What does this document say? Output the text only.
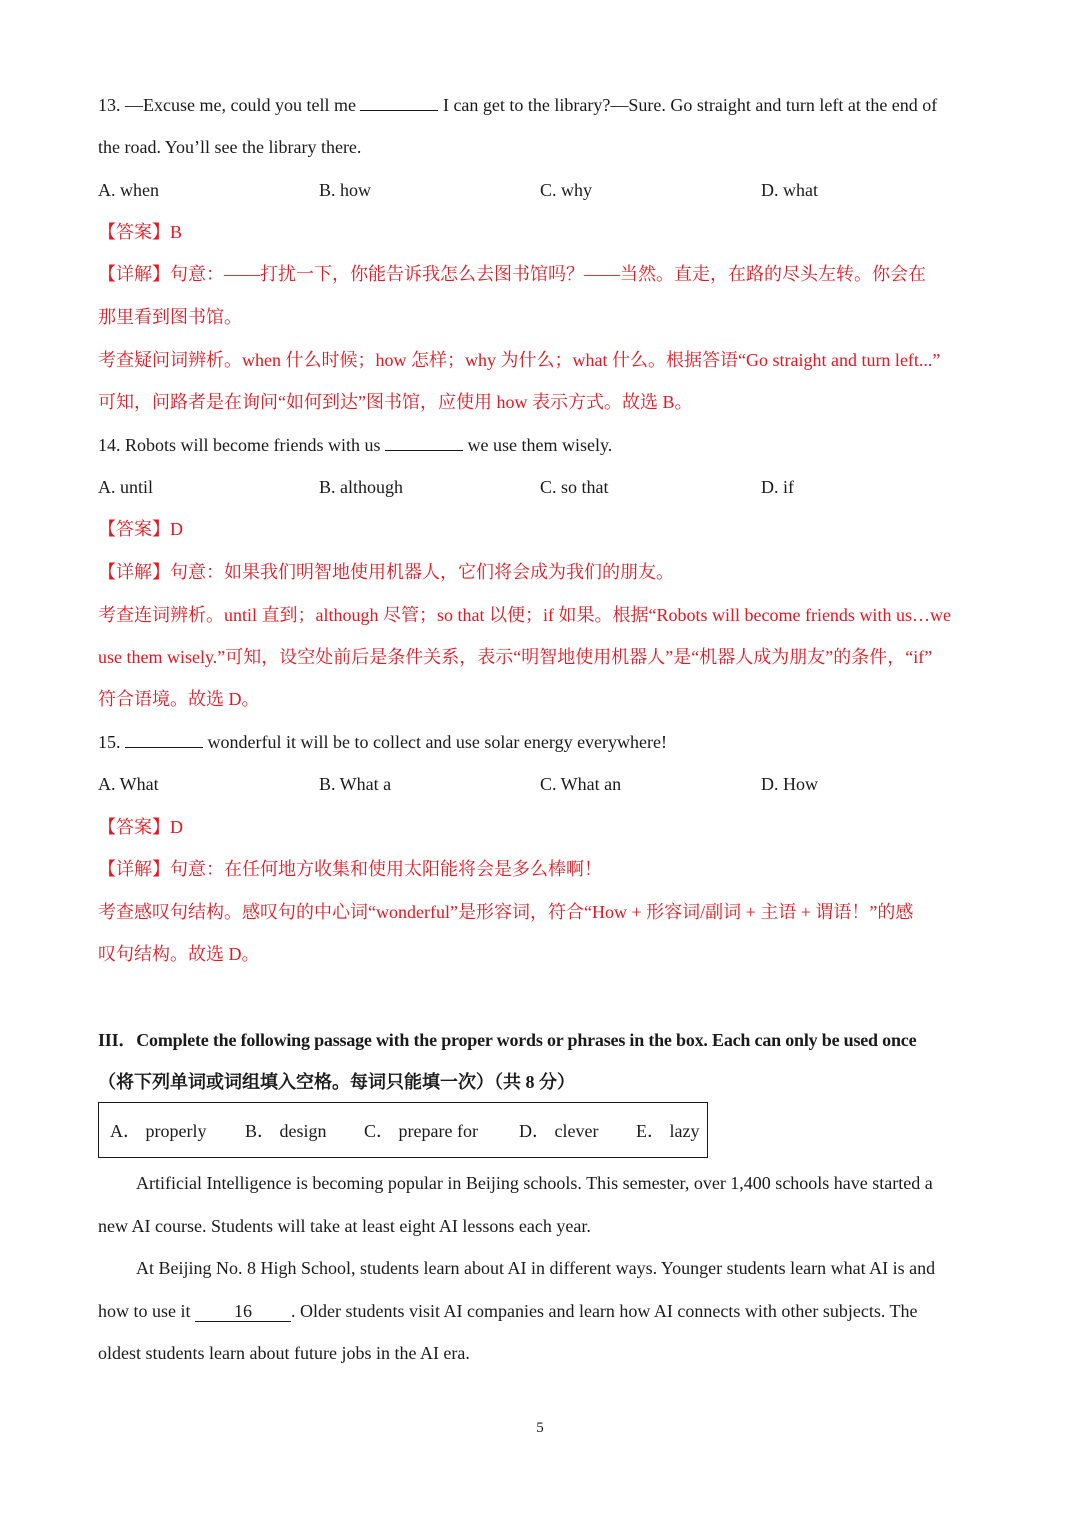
13. —Excuse me, could you tell me	I can get to the library?—Sure. Go straight and turn left at the end of
the road. You’ll see the library there.
A. when	B. how	C. why	D. what
【答案】B
【详解】句意：——打扰一下，你能告诉我怎么去图书馆吗？——当然。直走，在路的尽头左转。你会在
那里看到图书馆。
考查疑问词辨析。when 什么时候；how 怎样；why 为什么；what 什么。根据答语“Go straight and turn left...”
可知，问路者是在询问“如何到达”图书馆，应使用 how 表示方式。故选 B。
14. Robots will become friends with us	we use them wisely.
A. until	B. although	C. so that	D. if
【答案】D
【详解】句意：如果我们明智地使用机器人，它们将会成为我们的朋友。
考查连词辨析。until 直到；although 尽管；so that 以便；if 如果。根据“Robots will become friends with us…we
use them wisely.”可知，设空处前后是条件关系，表示“明智地使用机器人”是“机器人成为朋友”的条件，“if”
符合语境。故选 D。
15.	wonderful it will be to collect and use solar energy everywhere!
A. What	B. What a	C. What an	D. How
【答案】D
【详解】句意：在任何地方收集和使用太阳能将会是多么棒啊！
考查感叹句结构。感叹句的中心词“wonderful”是形容词，符合“How + 形容词/副词 + 主语 + 谓语！”的感
叹句结构。故选 D。
III．Complete the following passage with the proper words or phrases in the box. Each can only be used once
（将下列单词或词组填入空格。每词只能填一次）（共 8 分）
Artificial Intelligence is becoming popular in Beijing schools. This semester, over 1,400 schools have started a
new AI course. Students will take at least eight AI lessons each year.
At Beijing No. 8 High School, students learn about AI in different ways. Younger students learn what AI is and
how to use it 16 . Older students visit AI companies and learn how AI connects with other subjects. The
oldest students learn about future jobs in the AI era.
A． properly B． design C． prepare for D． clever E． lazy
5
